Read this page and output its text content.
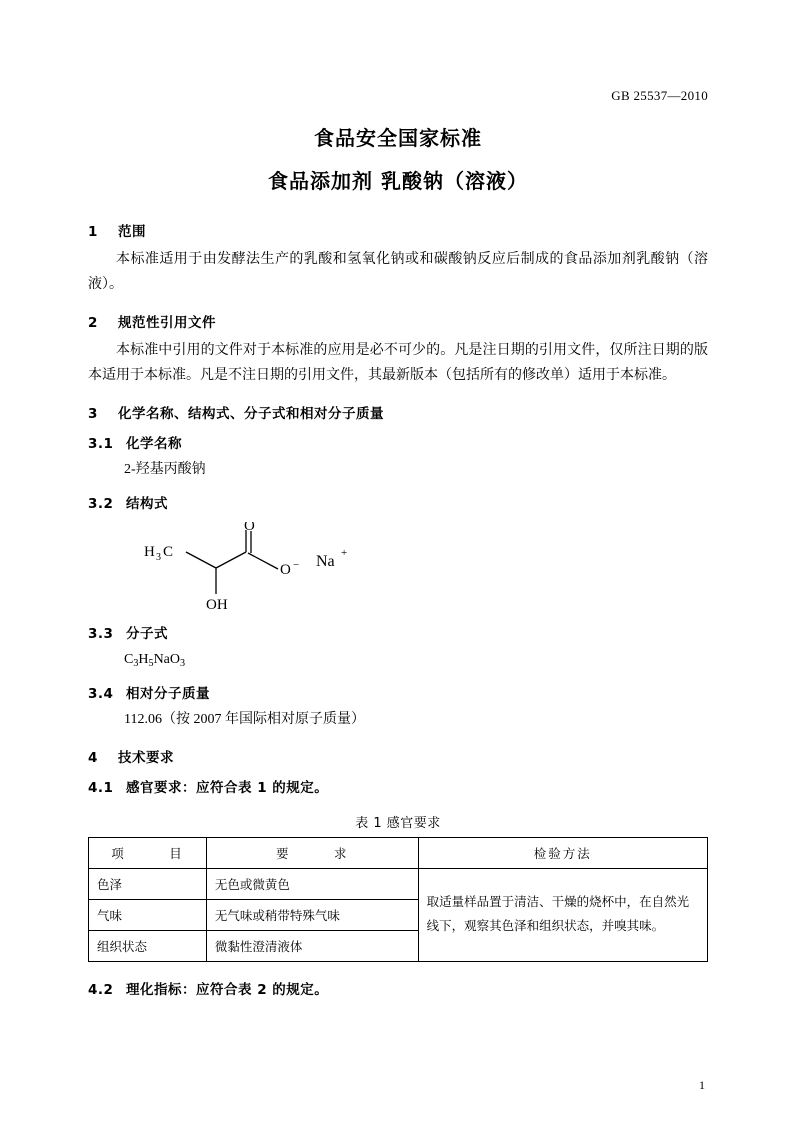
GB 25537—2010
食品安全国家标准
食品添加剂 乳酸钠（溶液）
1 范围
本标准适用于由发酵法生产的乳酸和氢氧化钠或和碳酸钠反应后制成的食品添加剂乳酸钠（溶液）。
2 规范性引用文件
本标准中引用的文件对于本标准的应用是必不可少的。凡是注日期的引用文件，仅所注日期的版本适用于本标准。凡是不注日期的引用文件，其最新版本（包括所有的修改单）适用于本标准。
3 化学名称、结构式、分子式和相对分子质量
3.1 化学名称
2-羟基丙酸钠
3.2 结构式
H 3 C
OH
O
O − Na +
3.3 分子式
$C_3H_5NaO_3$
3.4 相对分子质量
112.06（按 2007 年国际相对原子质量）
4 技术要求
4.1 感官要求：应符合表 1 的规定。
表 1 感官要求
项　　　目	要　　　求	检验方法
色泽	无色或微黄色	取适量样品置于清洁、干燥的烧杯中，在自然光线下，观察其色泽和组织状态，并嗅其味。
气味	无气味或稍带特殊气味	
组织状态	微黏性澄清液体	
4.2 理化指标：应符合表 2 的规定。
1
